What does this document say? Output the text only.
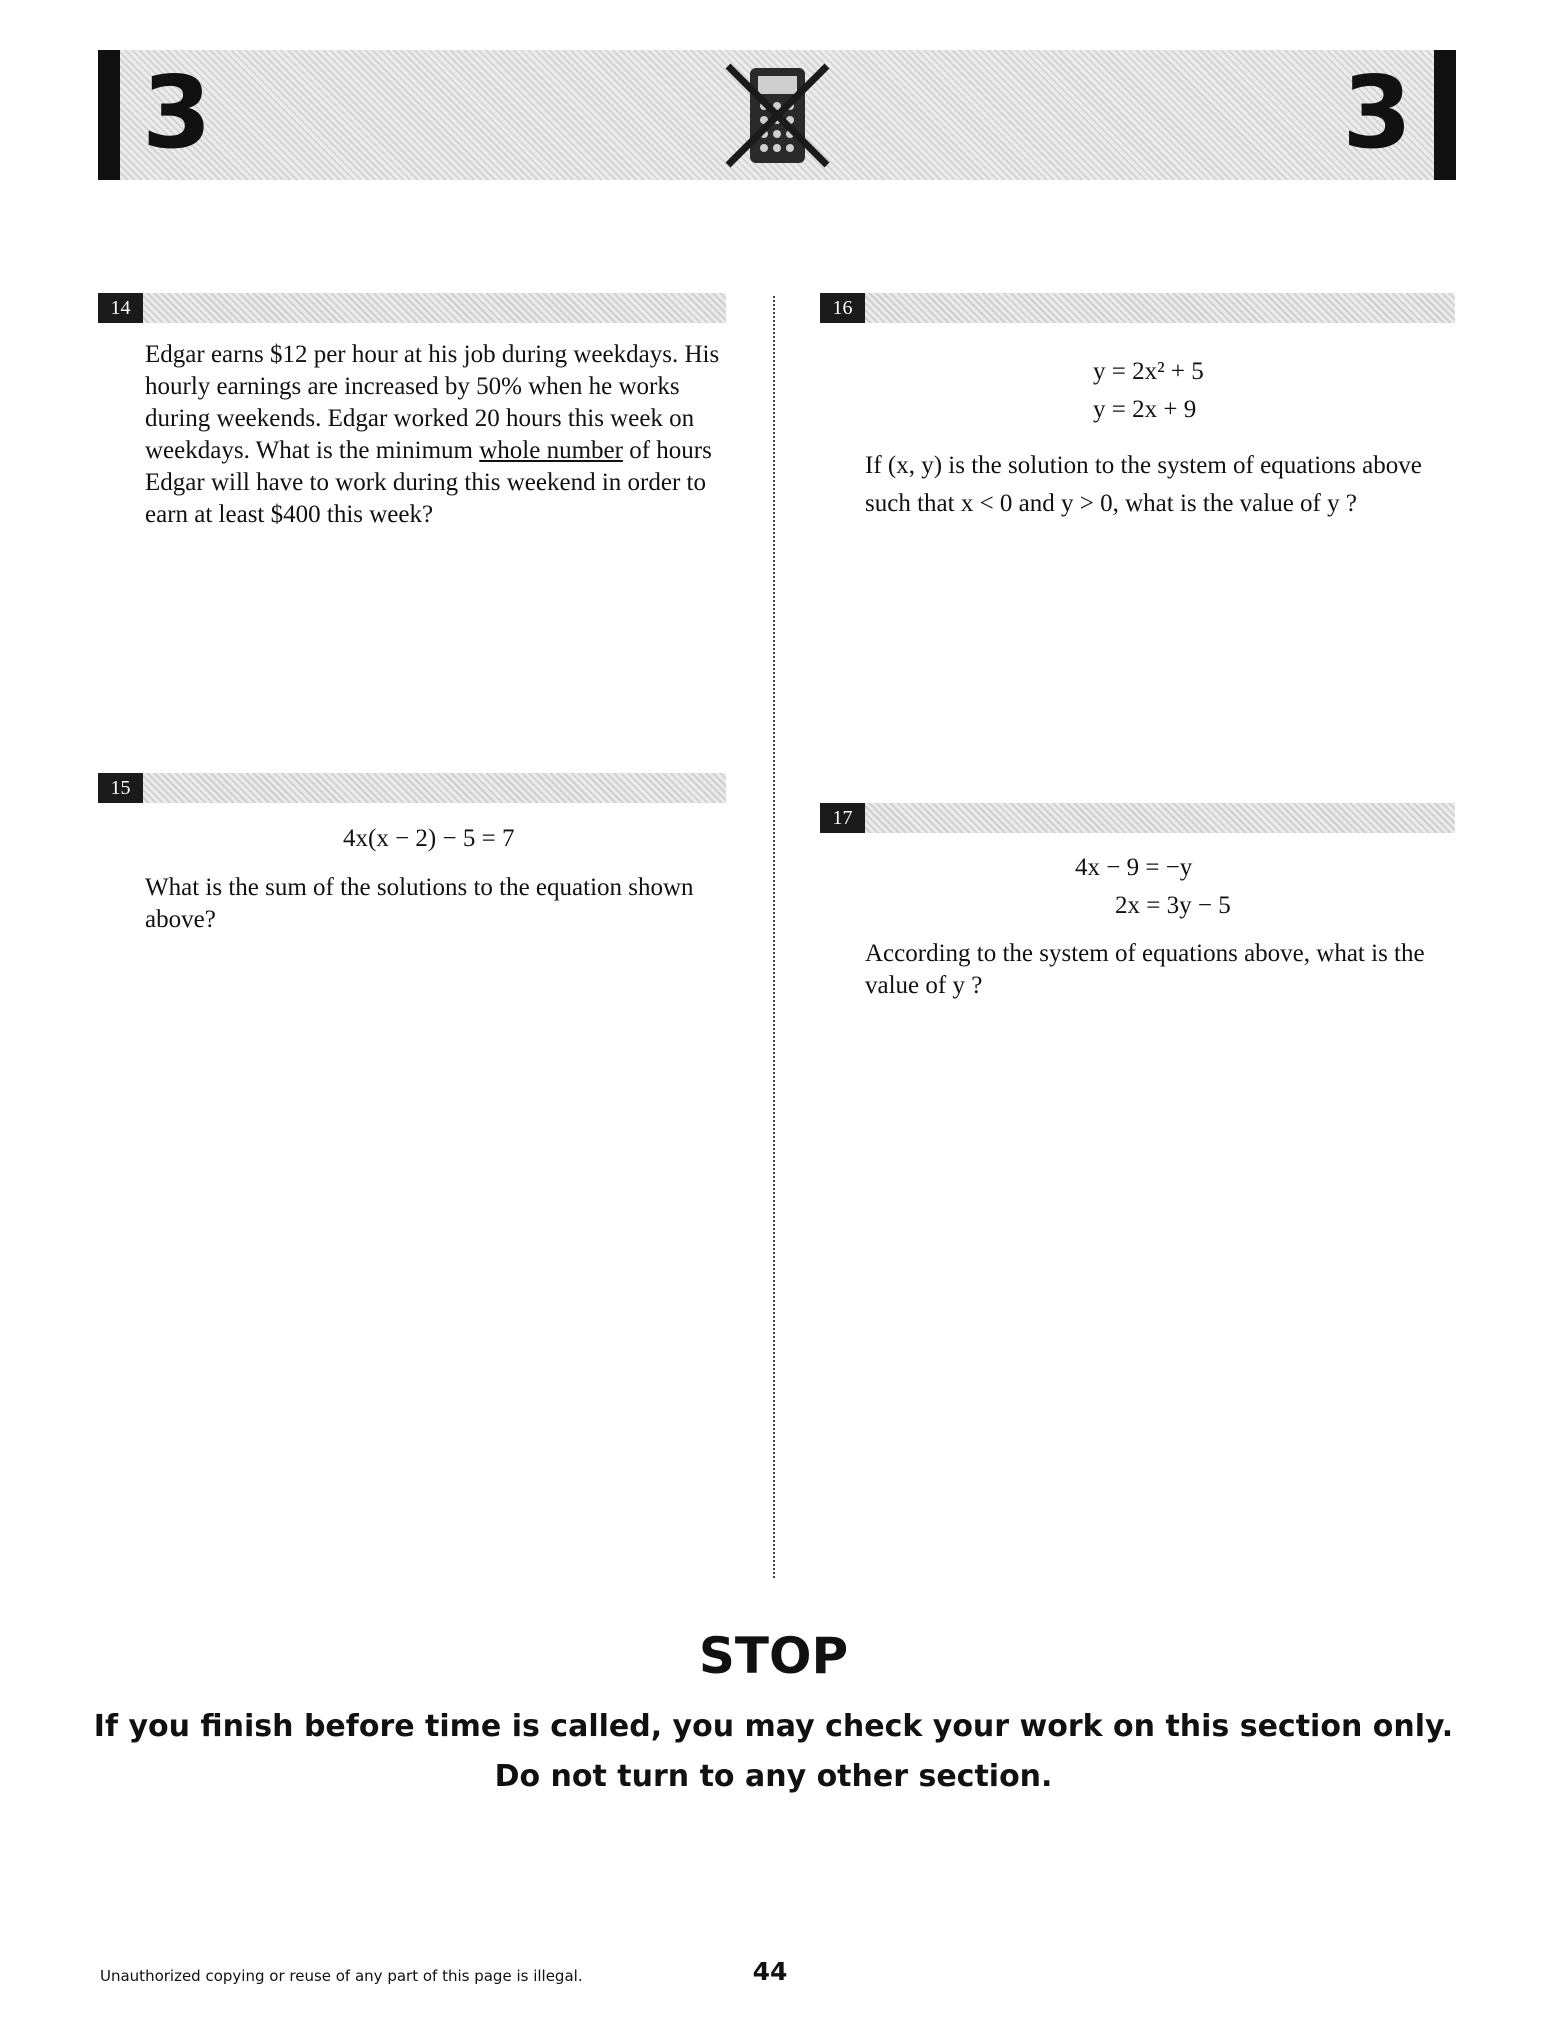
3	3
14

Edgar earns $12 per hour at his job during weekdays. His hourly earnings are increased by 50% when he works during weekends. Edgar worked 20 hours this week on weekdays. What is the minimum whole number of hours Edgar will have to work during this weekend in order to earn at least $400 this week?

15
4x(x − 2) − 5 = 7

What is the sum of the solutions to the equation shown above?

16
y = 2x² + 5
y = 2x + 9

If (x, y) is the solution to the system of equations above such that x < 0 and y > 0, what is the value of y ?

17
4x − 9 = −y
2x = 3y − 5

According to the system of equations above, what is the value of y ?

STOP
If you finish before time is called, you may check your work on this section only.
Do not turn to any other section.
Unauthorized copying or reuse of any part of this page is illegal.	44
